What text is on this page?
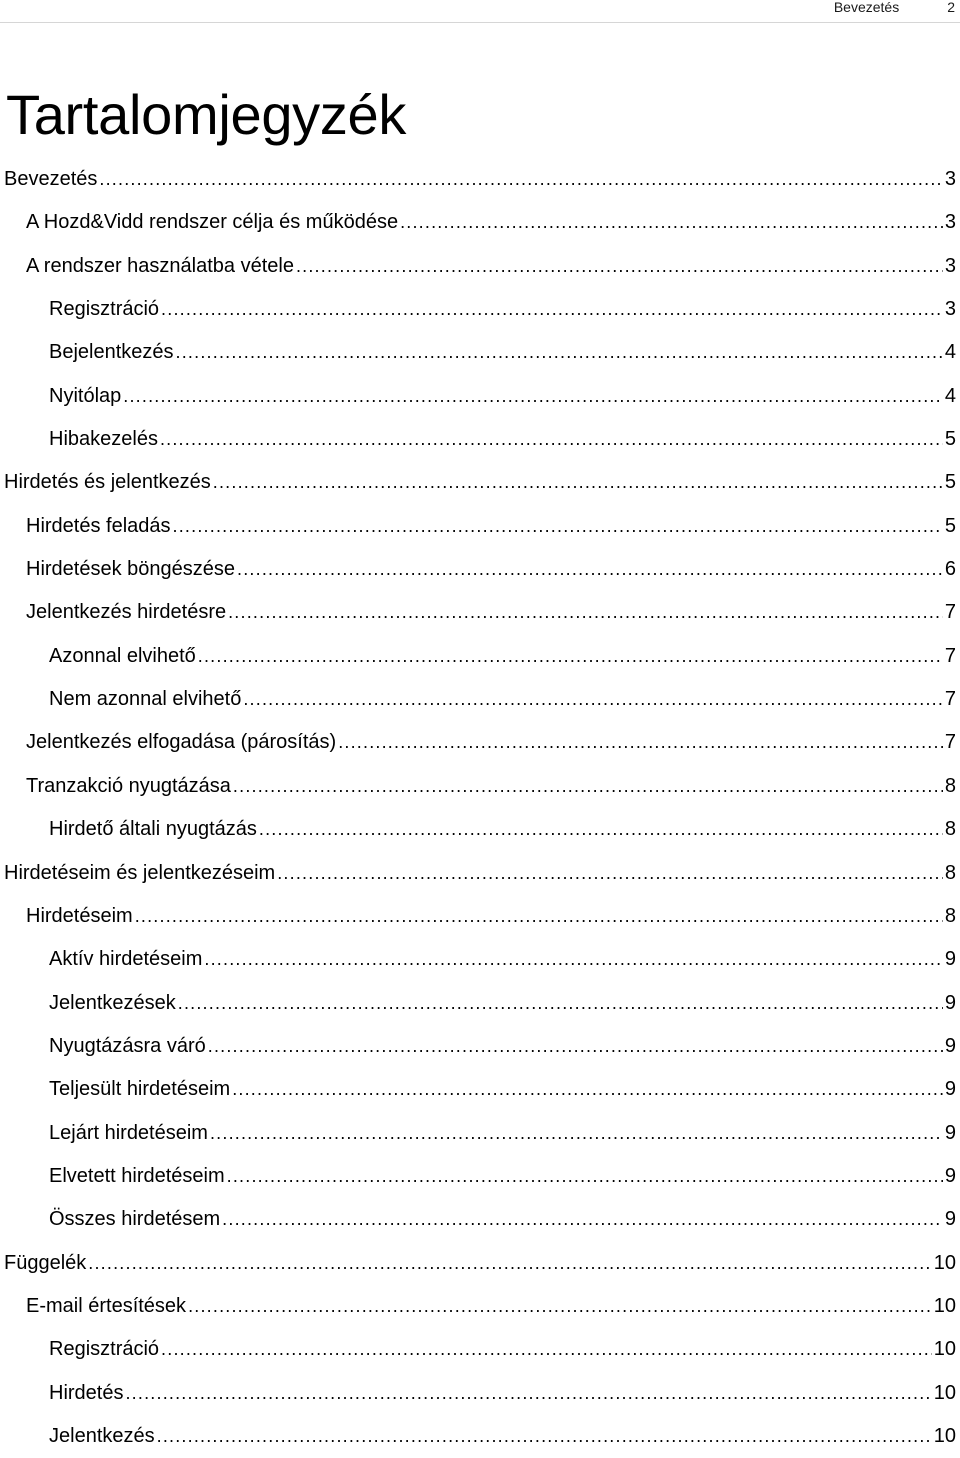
Bevezetés	2
Tartalomjegyzék
Bevezetés .....	3
A Hozd&Vidd rendszer célja és működése .....	3
A rendszer használatba vétele .....	3
Regisztráció .....	3
Bejelentkezés .....	4
Nyitólap .....	4
Hibakezelés .....	5
Hirdetés és jelentkezés .....	5
Hirdetés feladás .....	5
Hirdetések böngészése .....	6
Jelentkezés hirdetésre .....	7
Azonnal elvihető .....	7
Nem azonnal elvihető .....	7
Jelentkezés elfogadása (párosítás) .....	7
Tranzakció nyugtázása .....	8
Hirdető általi nyugtázás .....	8
Hirdetéseim és jelentkezéseim .....	8
Hirdetéseim .....	8
Aktív hirdetéseim .....	9
Jelentkezések .....	9
Nyugtázásra váró .....	9
Teljesült hirdetéseim .....	9
Lejárt hirdetéseim .....	9
Elvetett hirdetéseim .....	9
Összes hirdetésem .....	9
Függelék .....	10
E-mail értesítések .....	10
Regisztráció .....	10
Hirdetés .....	10
Jelentkezés .....	10
